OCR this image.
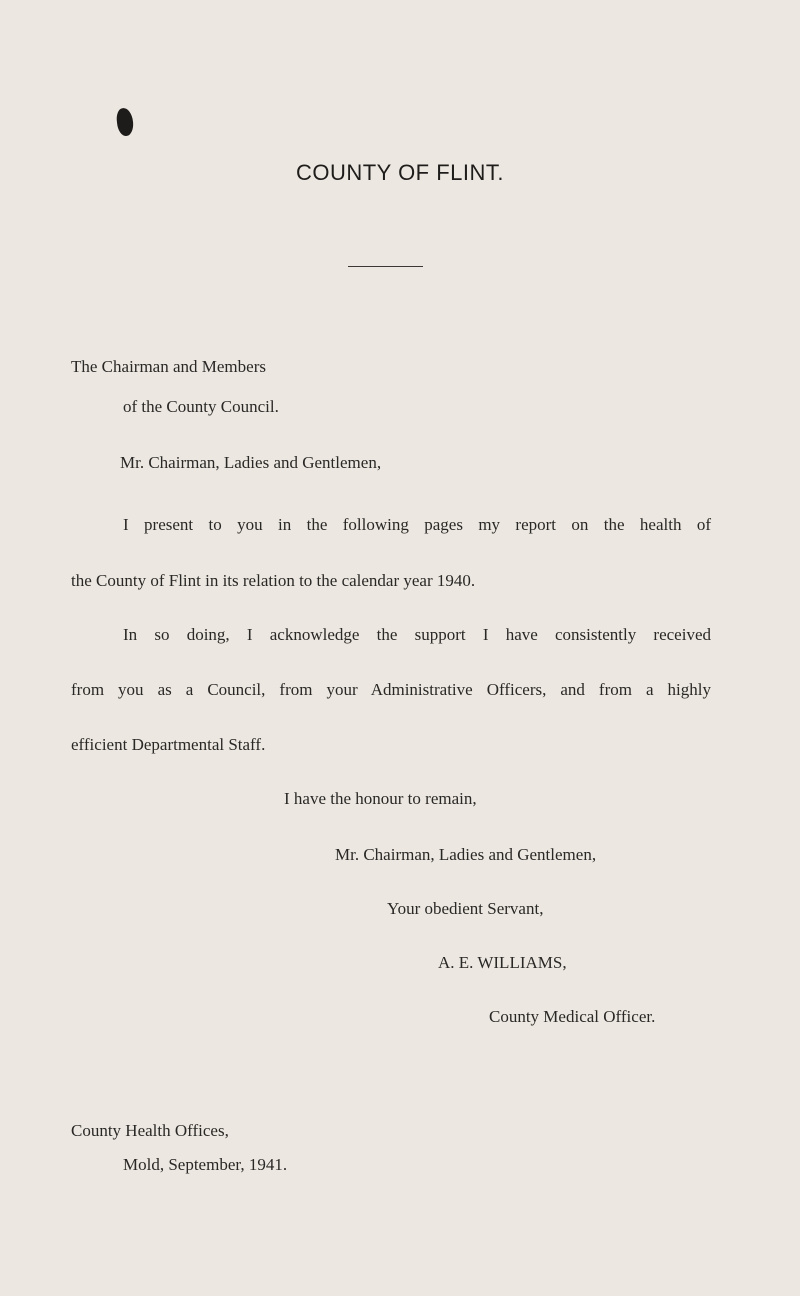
COUNTY OF FLINT.
The Chairman and Members
of the County Council.
Mr. Chairman, Ladies and Gentlemen,
I present to you in the following pages my report on the health of
the County of Flint in its relation to the calendar year 1940.
In so doing, I acknowledge the support I have consistently received
from you as a Council, from your Administrative Officers, and from a highly
efficient Departmental Staff.
I have the honour to remain,
Mr. Chairman, Ladies and Gentlemen,
Your obedient Servant,
A. E. WILLIAMS,
County Medical Officer.
County Health Offices,
Mold, September, 1941.
